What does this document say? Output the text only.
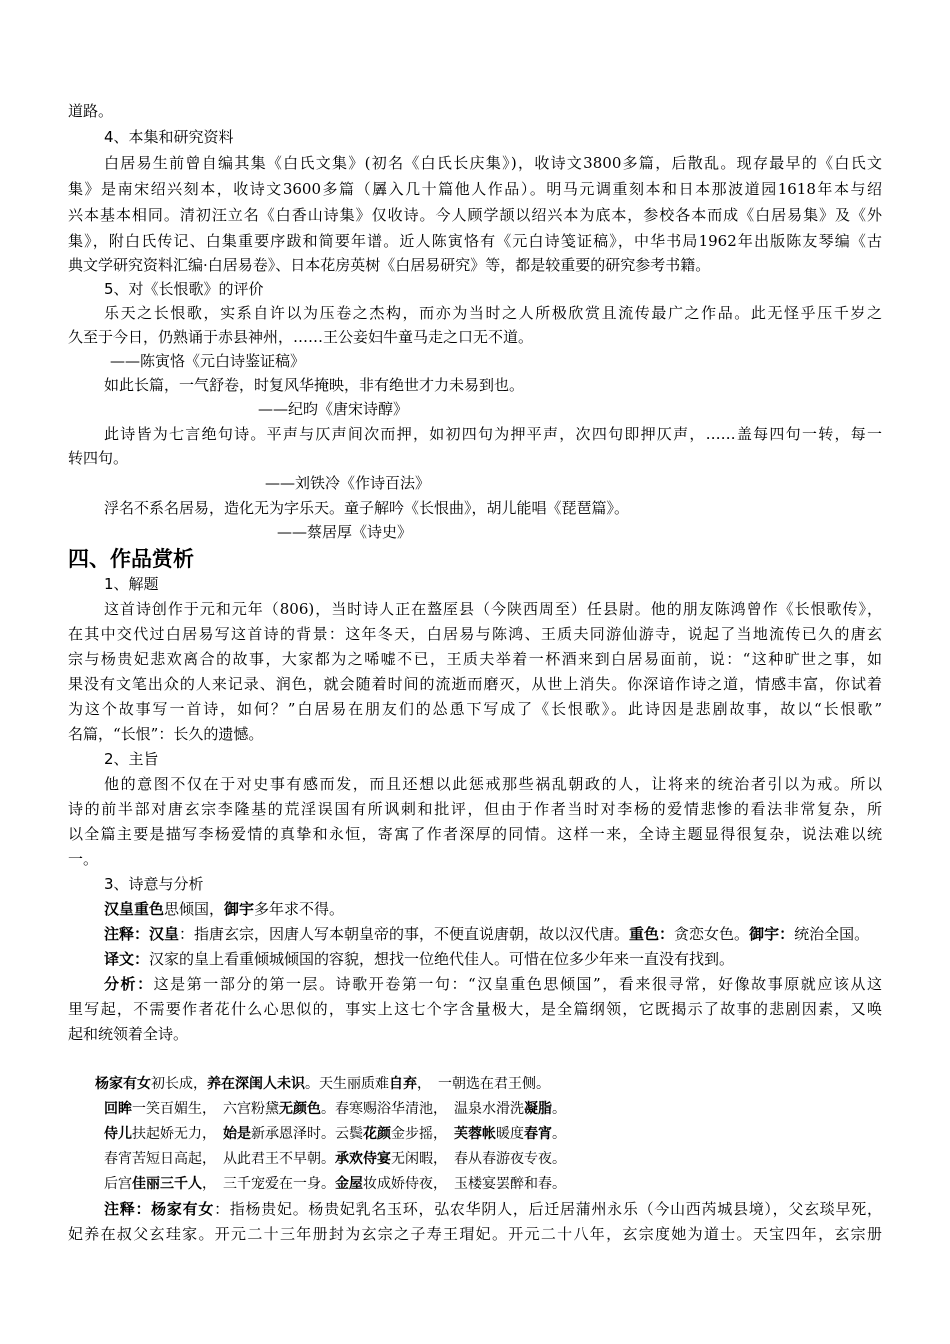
道路。
4、本集和研究资料
白居易生前曾自编其集《白氏文集》(初名《白氏长庆集》)，收诗文3800多篇，后散乱。现存最早的《白氏文
集》是南宋绍兴刻本，收诗文3600多篇（羼入几十篇他人作品）。明马元调重刻本和日本那波道园1618年本与绍
兴本基本相同。清初汪立名《白香山诗集》仅收诗。今人顾学颉以绍兴本为底本，参校各本而成《白居易集》及《外
集》，附白氏传记、白集重要序跋和简要年谱。近人陈寅恪有《元白诗笺证稿》，中华书局1962年出版陈友琴编《古
典文学研究资料汇编·白居易卷》、日本花房英树《白居易研究》等，都是较重要的研究参考书籍。
5、对《长恨歌》的评价
乐天之长恨歌，实系自许以为压卷之杰构，而亦为当时之人所极欣赏且流传最广之作品。此无怪乎压千岁之
久至于今日，仍熟诵于赤县神州，……王公妾妇牛童马走之口无不道。
——陈寅恪《元白诗鉴证稿》
如此长篇，一气舒卷，时复风华掩映，非有绝世才力未易到也。
——纪昀《唐宋诗醇》
此诗皆为七言绝句诗。平声与仄声间次而押，如初四句为押平声，次四句即押仄声，……盖每四句一转，每一
转四句。
——刘铁冷《作诗百法》
浮名不系名居易，造化无为字乐天。童子解吟《长恨曲》，胡儿能唱《琵琶篇》。
——蔡居厚《诗史》
四、作品赏析
1、解题
这首诗创作于元和元年（806)，当时诗人正在盩厔县（今陕西周至）任县尉。他的朋友陈鸿曾作《长恨歌传》，
在其中交代过白居易写这首诗的背景：这年冬天，白居易与陈鸿、王质夫同游仙游寺，说起了当地流传已久的唐玄
宗与杨贵妃悲欢离合的故事，大家都为之唏嘘不已，王质夫举着一杯酒来到白居易面前，说：“这种旷世之事，如
果没有文笔出众的人来记录、润色，就会随着时间的流逝而磨灭，从世上消失。你深谙作诗之道，情感丰富，你试着
为这个故事写一首诗，如何？”白居易在朋友们的怂恿下写成了《长恨歌》。此诗因是悲剧故事，故以“长恨歌”
名篇，“长恨”：长久的遗憾。
2、主旨
他的意图不仅在于对史事有感而发，而且还想以此惩戒那些祸乱朝政的人，让将来的统治者引以为戒。所以
诗的前半部对唐玄宗李隆基的荒淫误国有所讽刺和批评，但由于作者当时对李杨的爱情悲惨的看法非常复杂，所
以全篇主要是描写李杨爱情的真挚和永恒，寄寓了作者深厚的同情。这样一来，全诗主题显得很复杂，说法难以统
一。
3、诗意与分析
汉皇重色思倾国，御宇多年求不得。
注释：汉皇：指唐玄宗，因唐人写本朝皇帝的事，不便直说唐朝，故以汉代唐。重色：贪恋女色。御宇：统治全国。
译文：汉家的皇上看重倾城倾国的容貌，想找一位绝代佳人。可惜在位多少年来一直没有找到。
分析：这是第一部分的第一层。诗歌开卷第一句：“汉皇重色思倾国”，看来很寻常，好像故事原就应该从这
里写起，不需要作者花什么心思似的，事实上这七个字含量极大，是全篇纲领，它既揭示了故事的悲剧因素，又唤
起和统领着全诗。
杨家有女初长成，养在深闺人未识。天生丽质难自弃，　一朝选在君王侧。
回眸一笑百媚生，　六宫粉黛无颜色。春寒赐浴华清池，　温泉水滑洗凝脂。
侍儿扶起娇无力，　始是新承恩泽时。云鬓花颜金步摇，　芙蓉帐暖度春宵。
春宵苦短日高起，　从此君王不早朝。承欢侍宴无闲暇，　春从春游夜专夜。
后宫佳丽三千人，　三千宠爱在一身。金屋妆成娇侍夜，　玉楼宴罢醉和春。
注释：杨家有女：指杨贵妃。杨贵妃乳名玉环，弘农华阴人，后迁居蒲州永乐（今山西芮城县境），父玄琰早死，
妃养在叔父玄珪家。开元二十三年册封为玄宗之子寿王瑁妃。开元二十八年，玄宗度她为道士。天宝四年，玄宗册
